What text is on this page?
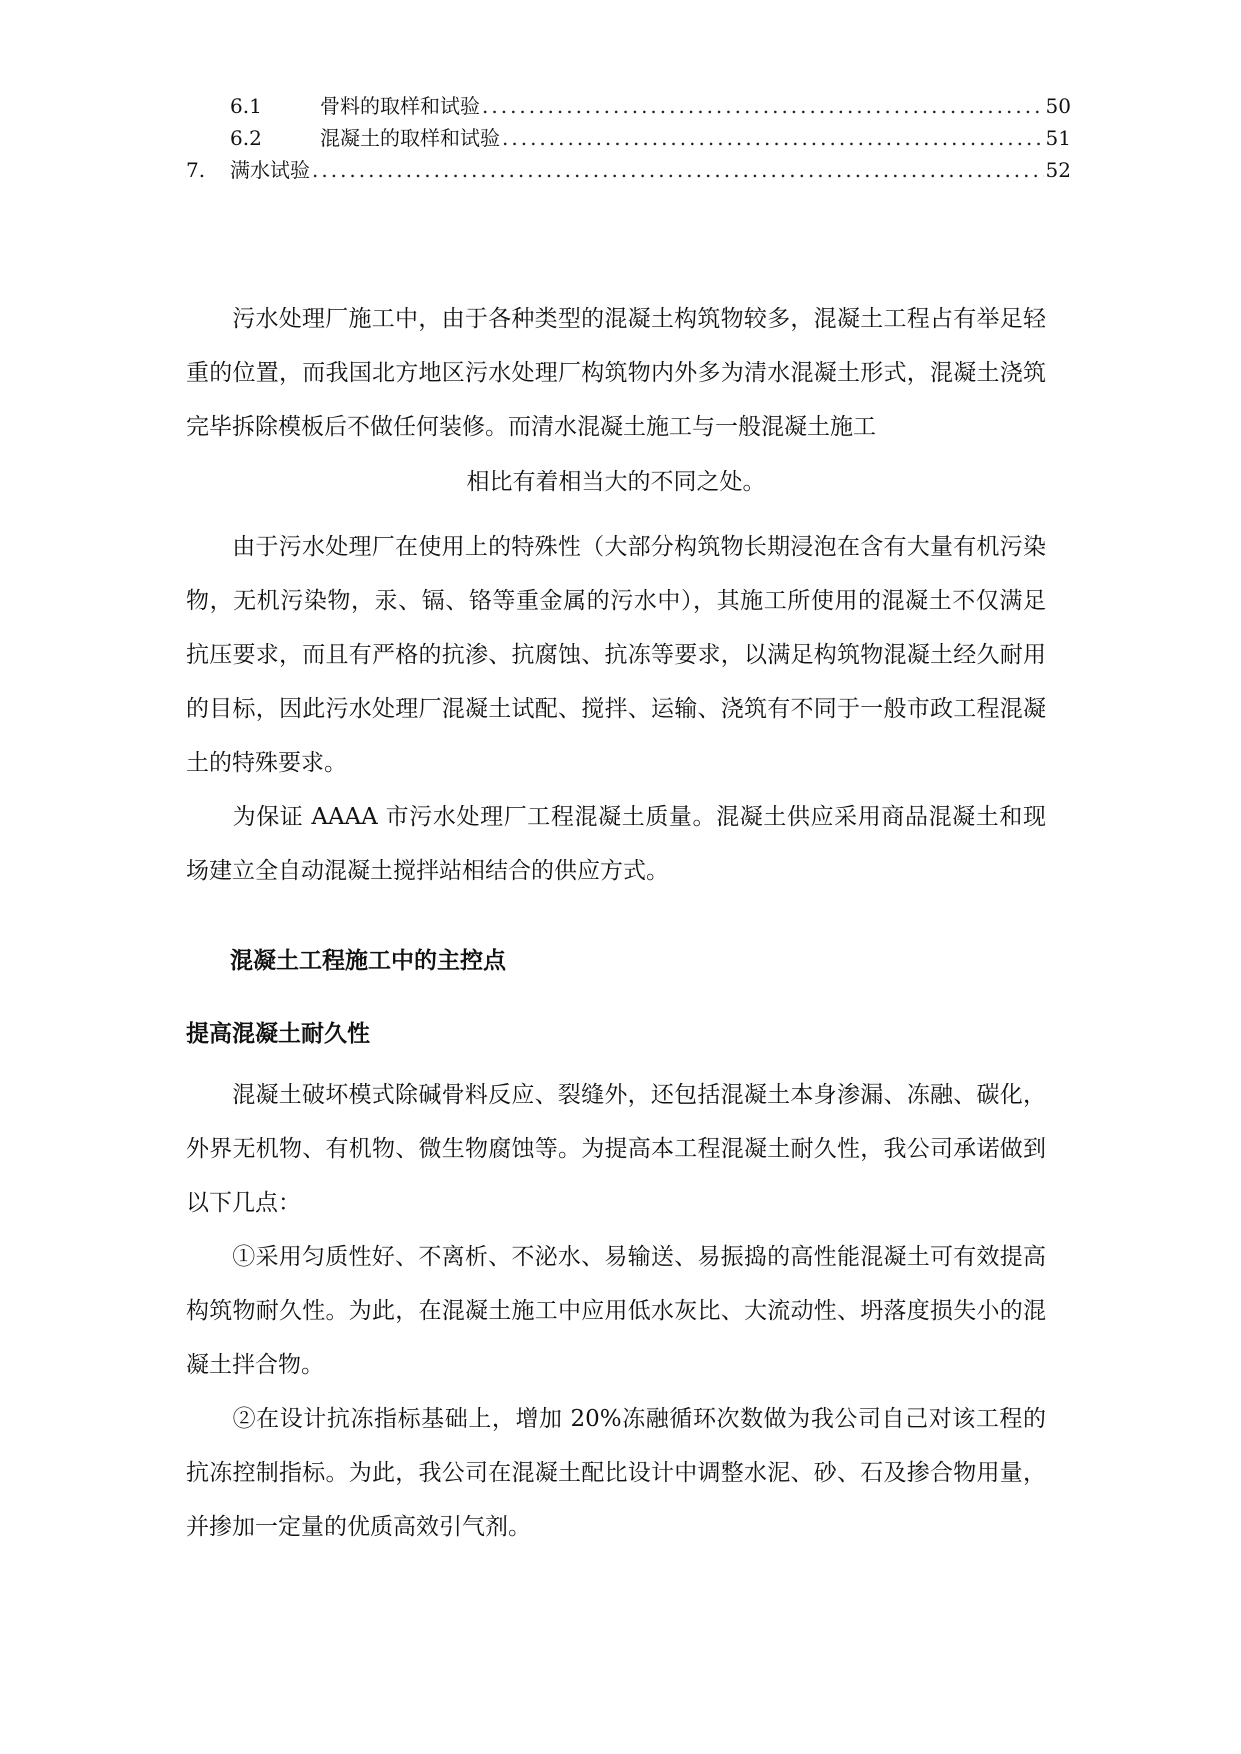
6.1	骨料的取样和试验 .....	50
6.2	混凝土的取样和试验 .....	51
7.	满水试验 .....	52
污水处理厂施工中，由于各种类型的混凝土构筑物较多，混凝土工程占有举足轻重的位置，而我国北方地区污水处理厂构筑物内外多为清水混凝土形式，混凝土浇筑完毕拆除模板后不做任何装修。而清水混凝土施工与一般混凝土施工
相比有着相当大的不同之处。
由于污水处理厂在使用上的特殊性（大部分构筑物长期浸泡在含有大量有机污染物，无机污染物，汞、镉、铬等重金属的污水中），其施工所使用的混凝土不仅满足抗压要求，而且有严格的抗渗、抗腐蚀、抗冻等要求，以满足构筑物混凝土经久耐用的目标，因此污水处理厂混凝土试配、搅拌、运输、浇筑有不同于一般市政工程混凝土的特殊要求。
为保证 AAAA 市污水处理厂工程混凝土质量。混凝土供应采用商品混凝土和现场建立全自动混凝土搅拌站相结合的供应方式。
混凝土工程施工中的主控点
提高混凝土耐久性
混凝土破坏模式除碱骨料反应、裂缝外，还包括混凝土本身渗漏、冻融、碳化，外界无机物、有机物、微生物腐蚀等。为提高本工程混凝土耐久性，我公司承诺做到以下几点：
①采用匀质性好、不离析、不泌水、易输送、易振捣的高性能混凝土可有效提高构筑物耐久性。为此，在混凝土施工中应用低水灰比、大流动性、坍落度损失小的混凝土拌合物。
②在设计抗冻指标基础上，增加 20%冻融循环次数做为我公司自己对该工程的抗冻控制指标。为此，我公司在混凝土配比设计中调整水泥、砂、石及掺合物用量，并掺加一定量的优质高效引气剂。
